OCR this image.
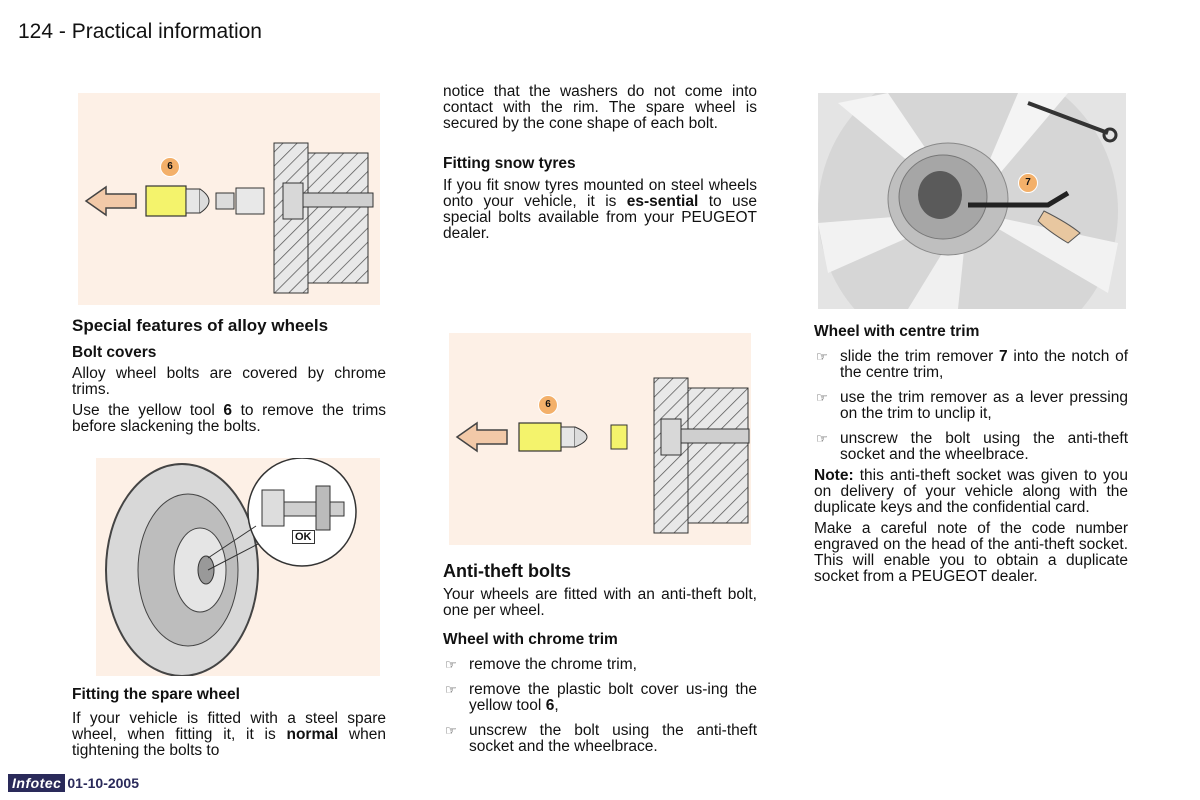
124 - Practical information
6
Special features of alloy wheels
Bolt covers

Alloy wheel bolts are covered by chrome trims.

Use the yellow tool 6 to remove the trims before slackening the bolts.

OK
Fitting the spare wheel

If your vehicle is fitted with a steel spare wheel, when fitting it, it is normal when tightening the bolts to

notice that the washers do not come into contact with the rim. The spare wheel is secured by the cone shape of each bolt.

Fitting snow tyres

If you fit snow tyres mounted on steel wheels onto your vehicle, it is es-sential to use special bolts available from your PEUGEOT dealer.

6
Anti-theft bolts

Your wheels are fitted with an anti-theft bolt, one per wheel.

Wheel with chrome trim
☞ remove the chrome trim,

☞ remove the plastic bolt cover us-ing the yellow tool 6,

☞ unscrew the bolt using the anti-theft socket and the wheelbrace.

7
Wheel with centre trim
☞ slide the trim remover 7 into the notch of the centre trim,

☞ use the trim remover as a lever pressing on the trim to unclip it,

☞ unscrew the bolt using the anti-theft socket and the wheelbrace.

Note: this anti-theft socket was given to you on delivery of your vehicle along with the duplicate keys and the confidential card.

Make a careful note of the code number engraved on the head of the anti-theft socket. This will enable you to obtain a duplicate socket from a PEUGEOT dealer.

Infotec 01-10-2005
